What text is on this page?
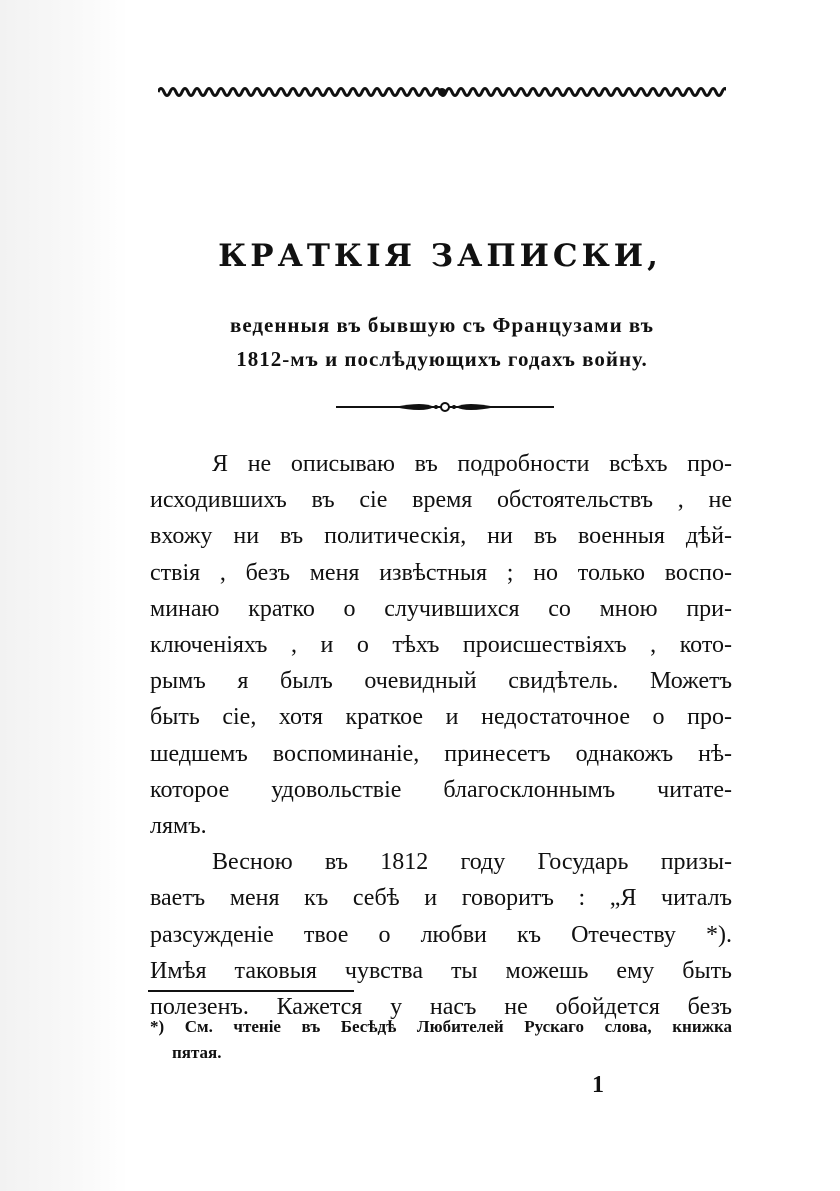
КРАТКІЯ ЗАПИСКИ,
веденныя въ бывшую съ Французами въ
1812-мъ и послѣдующихъ годахъ войну.
Я не описываю въ подробности всѣхъ про-
исходившихъ въ сіе время обстоятельствъ , не
вхожу ни въ политическія, ни въ военныя дѣй-
ствія , безъ меня извѣстныя ; но только воспо-
минаю кратко о случившихся со мною при-
ключеніяхъ , и о тѣхъ происшествіяхъ , кото-
рымъ я былъ очевидный свидѣтель. Можетъ
быть сіе, хотя краткое и недостаточное о про-
шедшемъ воспоминаніе, принесетъ однакожъ нѣ-
которое удовольствіе благосклоннымъ читате-
лямъ.
Весною въ 1812 году Государь призы-
ваетъ меня къ себѣ и говоритъ : „Я читалъ
разсужденіе твое о любви къ Отечеству *).
Имѣя таковыя чувства ты можешь ему быть
полезенъ. Кажется у насъ не обойдется безъ
*) См. чтеніе въ Бесѣдѣ Любителей Рускаго слова, книжка
пятая.
1
